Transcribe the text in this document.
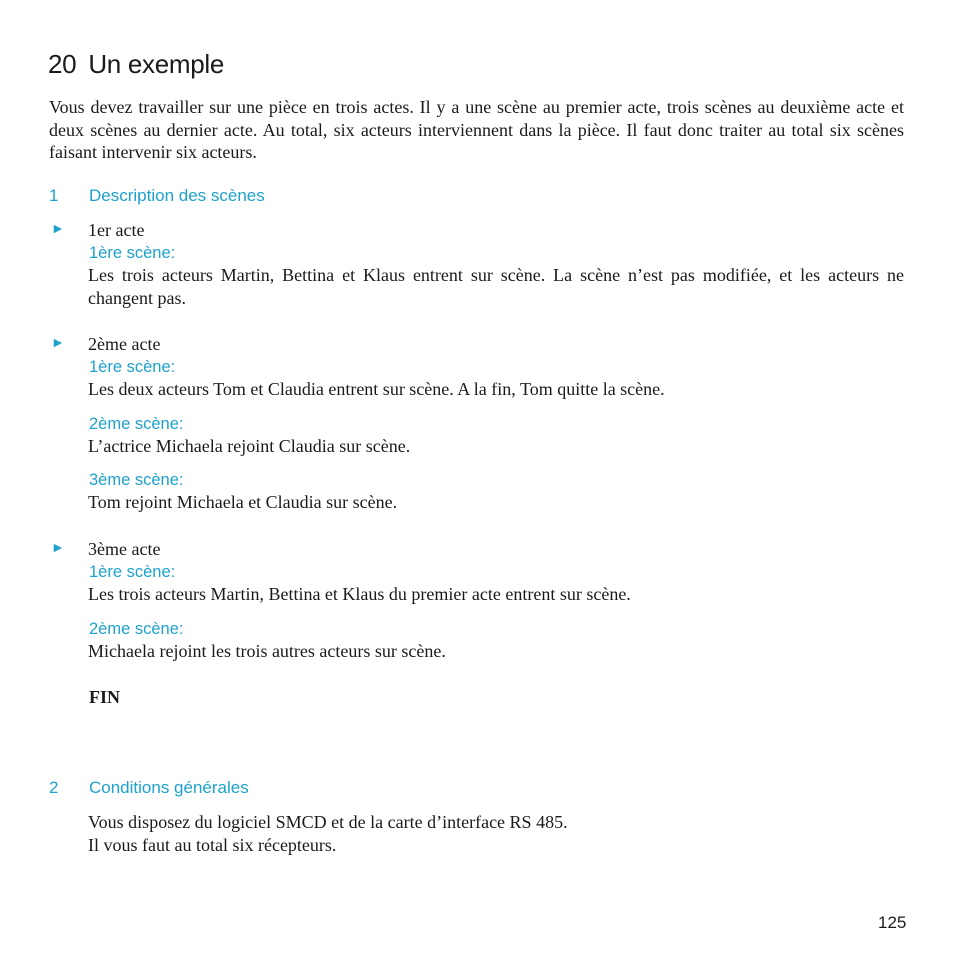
20 Un exemple
Vous devez travailler sur une pièce en trois actes. Il y a une scène au premier acte, trois scènes au deuxième acte et deux scènes au dernier acte. Au total, six acteurs interviennent dans la pièce. Il faut donc traiter au total six scènes faisant intervenir six acteurs.
1 Description des scènes
► 1er acte
1ère scène:
Les trois acteurs Martin, Bettina et Klaus entrent sur scène. La scène n’est pas modifiée, et les acteurs ne changent pas.
► 2ème acte
1ère scène:
Les deux acteurs Tom et Claudia entrent sur scène. A la fin, Tom quitte la scène.
2ème scène:
L’actrice Michaela rejoint Claudia sur scène.
3ème scène:
Tom rejoint Michaela et Claudia sur scène.
► 3ème acte
1ère scène:
Les trois acteurs Martin, Bettina et Klaus du premier acte entrent sur scène.
2ème scène:
Michaela rejoint les trois autres acteurs sur scène.
FIN
2 Conditions générales
Vous disposez du logiciel SMCD et de la carte d’interface RS 485.
Il vous faut au total six récepteurs.
125
